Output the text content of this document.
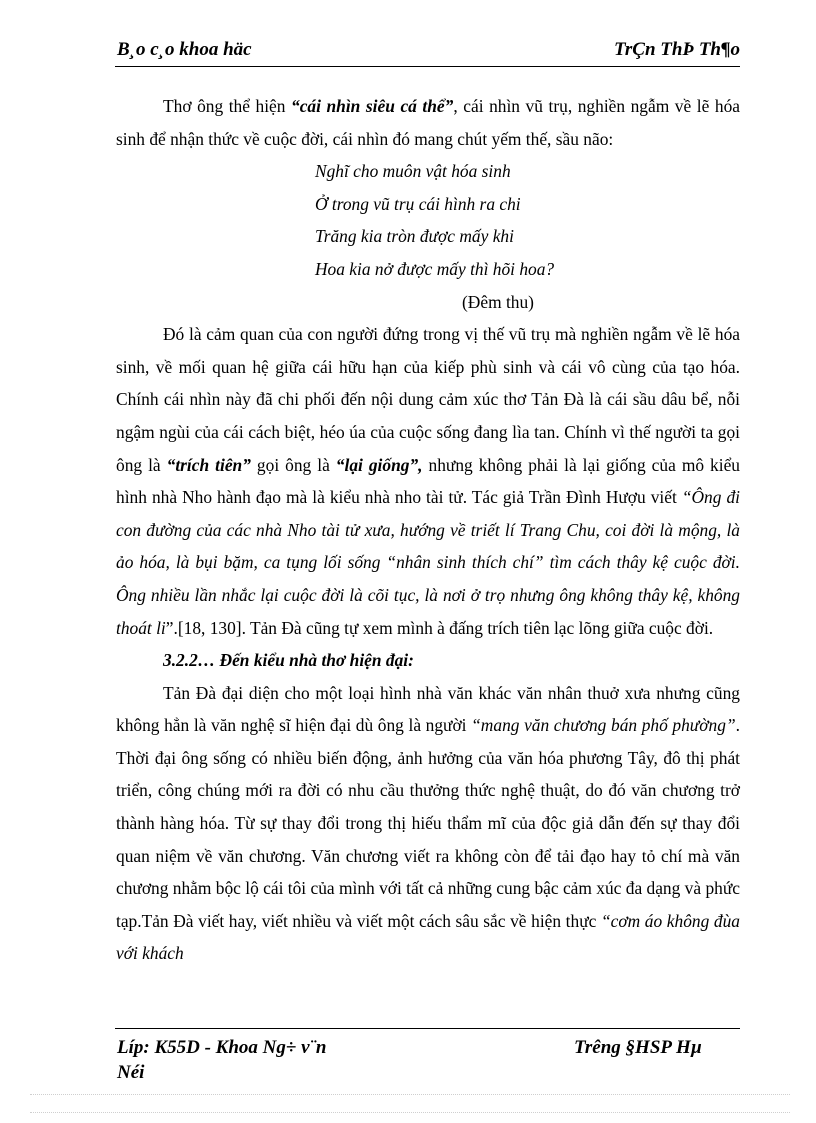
B¸o c¸o khoa häc	TrÇn ThÞ Th¶o

Thơ ông thể hiện “cái nhìn siêu cá thể”, cái nhìn vũ trụ, nghiền ngẫm về lẽ hóa sinh để nhận thức về cuộc đời, cái nhìn đó mang chút yếm thế, sầu não:

Nghĩ cho muôn vật hóa sinh

Ở trong vũ trụ cái hình ra chi

Trăng kia tròn được mấy khi

Hoa kia nở được mấy thì hõi hoa?

(Đêm thu)

Đó là cảm quan của con người đứng trong vị thế vũ trụ mà nghiền ngẫm về lẽ hóa sinh, về mối quan hệ giữa cái hữu hạn của kiếp phù sinh và cái vô cùng của tạo hóa. Chính cái nhìn này đã chi phối đến nội dung cảm xúc thơ Tản Đà là cái sầu dâu bể, nỗi ngậm ngùi của cái cách biệt, héo úa của cuộc sống đang lìa tan. Chính vì thế người ta gọi ông là “trích tiên” gọi ông là “lại giống”, nhưng không phải là lại giống của mô kiểu hình nhà Nho hành đạo mà là kiểu nhà nho tài tử. Tác giả Trần Đình Hượu viết “Ông đi con đường của các nhà Nho tài tử xưa, hướng về triết lí Trang Chu, coi đời là mộng, là ảo hóa, là bụi bặm, ca tụng lối sống “nhân sinh thích chí” tìm cách thây kệ cuộc đời. Ông nhiều lần nhắc lại cuộc đời là cõi tục, là nơi ở trọ nhưng ông không thây kệ, không thoát li”.[18, 130]. Tản Đà cũng tự xem mình à đấng trích tiên lạc lõng giữa cuộc đời.

3.2.2… Đến kiểu nhà thơ hiện đại:

Tản Đà đại diện cho một loại hình nhà văn khác văn nhân thuở xưa nhưng cũng không hẳn là văn nghệ sĩ hiện đại dù ông là người “mang văn chương bán phố phường”. Thời đại ông sống có nhiều biến động, ảnh hưởng của văn hóa phương Tây, đô thị phát triển, công chúng mới ra đời có nhu cầu thưởng thức nghệ thuật, do đó văn chương trở thành hàng hóa. Từ sự thay đổi trong thị hiếu thẩm mĩ của độc giả dẫn đến sự thay đổi quan niệm về văn chương. Văn chương viết ra không còn để tải đạo hay tỏ chí mà văn chương nhằm bộc lộ cái tôi của mình với tất cả những cung bậc cảm xúc đa dạng và phức tạp.Tản Đà viết hay, viết nhiều và viết một cách sâu sắc về hiện thực “cơm áo không đùa với khách

Líp: K55D - Khoa Ng÷ v¨n
Néi
Trêng §HSP Hµ
